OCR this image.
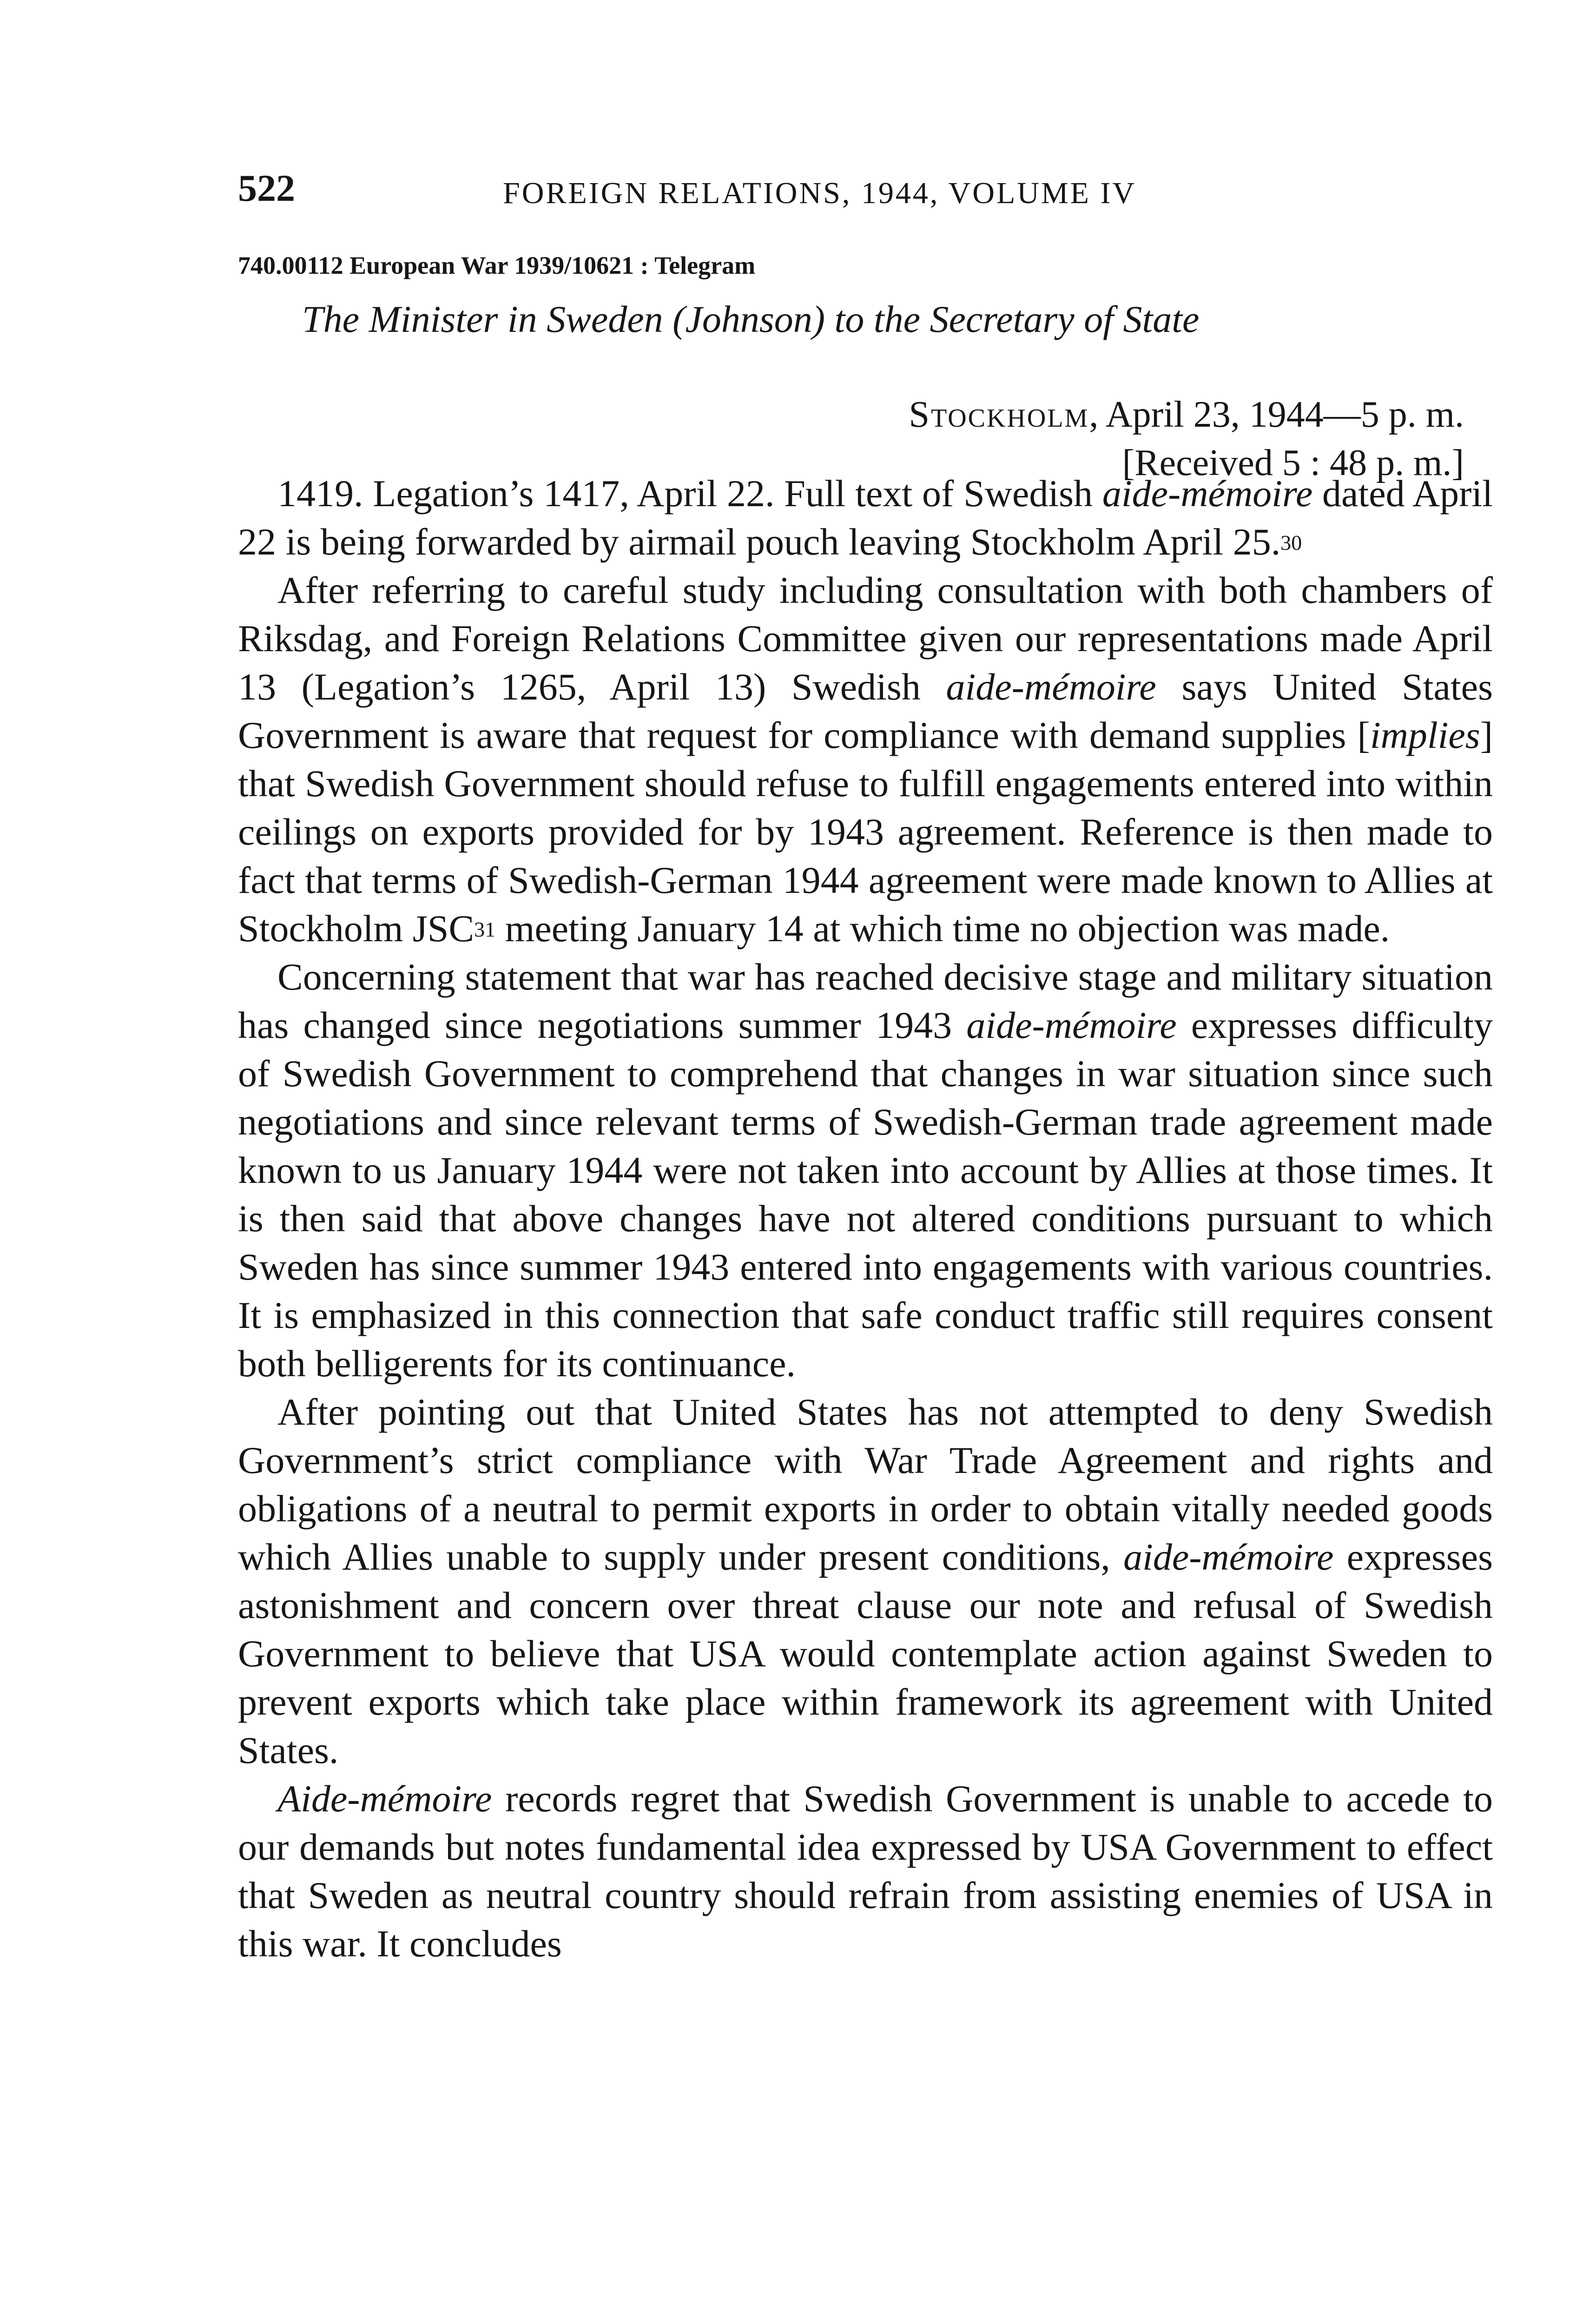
522	FOREIGN RELATIONS, 1944, VOLUME IV
740.00112 European War 1939/10621 : Telegram
The Minister in Sweden (Johnson) to the Secretary of State
Stockholm, April 23, 1944—5 p. m.
[Received 5 : 48 p. m.]

1419. Legation’s 1417, April 22. Full text of Swedish aide-mémoire dated April 22 is being forwarded by airmail pouch leaving Stockholm April 25.30

After referring to careful study including consultation with both chambers of Riksdag, and Foreign Relations Committee given our representations made April 13 (Legation’s 1265, April 13) Swedish aide-mémoire says United States Government is aware that request for compliance with demand supplies [implies] that Swedish Government should refuse to fulfill engagements entered into within ceilings on exports provided for by 1943 agreement. Reference is then made to fact that terms of Swedish-German 1944 agreement were made known to Allies at Stockholm JSC$^{31}$ meeting January 14 at which time no objection was made.

Concerning statement that war has reached decisive stage and military situation has changed since negotiations summer 1943 aide-mémoire expresses difficulty of Swedish Government to comprehend that changes in war situation since such negotiations and since relevant terms of Swedish-German trade agreement made known to us January 1944 were not taken into account by Allies at those times. It is then said that above changes have not altered conditions pursuant to which Sweden has since summer 1943 entered into engagements with various countries. It is emphasized in this connection that safe conduct traffic still requires consent both belligerents for its continuance.

After pointing out that United States has not attempted to deny Swedish Government’s strict compliance with War Trade Agreement and rights and obligations of a neutral to permit exports in order to obtain vitally needed goods which Allies unable to supply under present conditions, aide-mémoire expresses astonishment and concern over threat clause our note and refusal of Swedish Government to believe that USA would contemplate action against Sweden to prevent exports which take place within framework its agreement with United States.

Aide-mémoire records regret that Swedish Government is unable to accede to our demands but notes fundamental idea expressed by USA Government to effect that Sweden as neutral country should refrain from assisting enemies of USA in this war. It concludes
